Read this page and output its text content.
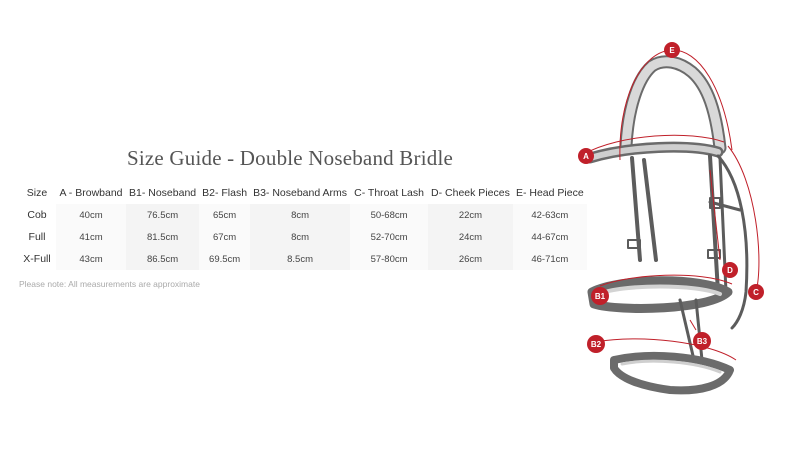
Size Guide - Double Noseband Bridle
Size	A - Browband	B1- Noseband	B2- Flash	B3- Noseband Arms	C- Throat Lash	D- Cheek Pieces	E- Head Piece
Cob	40cm	76.5cm	65cm	8cm	50-68cm	22cm	42-63cm
Full	41cm	81.5cm	67cm	8cm	52-70cm	24cm	44-67cm
X-Full	43cm	86.5cm	69.5cm	8.5cm	57-80cm	26cm	46-71cm
Please note: All measurements are approximate
E
A
D
C
B1
B2	B3
